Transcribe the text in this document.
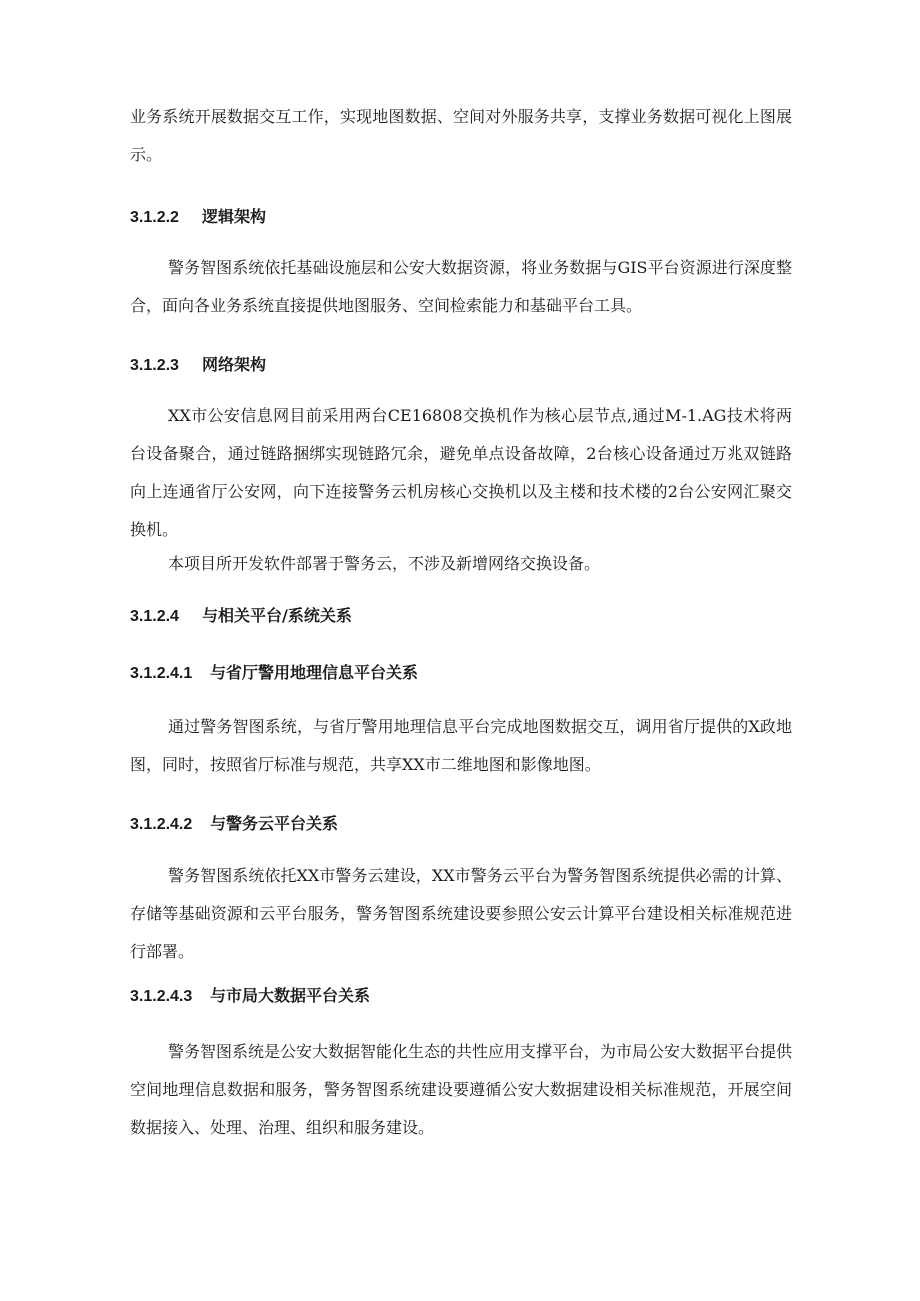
业务系统开展数据交互工作，实现地图数据、空间对外服务共享，支撑业务数据可视化上图展示。

3.1.2.2 逻辑架构

警务智图系统依托基础设施层和公安大数据资源，将业务数据与GIS平台资源进行深度整合，面向各业务系统直接提供地图服务、空间检索能力和基础平台工具。

3.1.2.3 网络架构

XX市公安信息网目前采用两台CE16808交换机作为核心层节点,通过M-1.AG技术将两台设备聚合，通过链路捆绑实现链路冗余，避免单点设备故障，2台核心设备通过万兆双链路向上连通省厅公安网，向下连接警务云机房核心交换机以及主楼和技术楼的2台公安网汇聚交换机。

本项目所开发软件部署于警务云，不涉及新增网络交换设备。

3.1.2.4 与相关平台/系统关系
3.1.2.4.1 与省厅警用地理信息平台关系

通过警务智图系统，与省厅警用地理信息平台完成地图数据交互，调用省厅提供的X政地图，同时，按照省厅标准与规范，共享XX市二维地图和影像地图。

3.1.2.4.2 与警务云平台关系

警务智图系统依托XX市警务云建设，XX市警务云平台为警务智图系统提供必需的计算、存储等基础资源和云平台服务，警务智图系统建设要参照公安云计算平台建设相关标准规范进行部署。

3.1.2.4.3 与市局大数据平台关系

警务智图系统是公安大数据智能化生态的共性应用支撑平台，为市局公安大数据平台提供空间地理信息数据和服务，警务智图系统建设要遵循公安大数据建设相关标准规范，开展空间数据接入、处理、治理、组织和服务建设。
